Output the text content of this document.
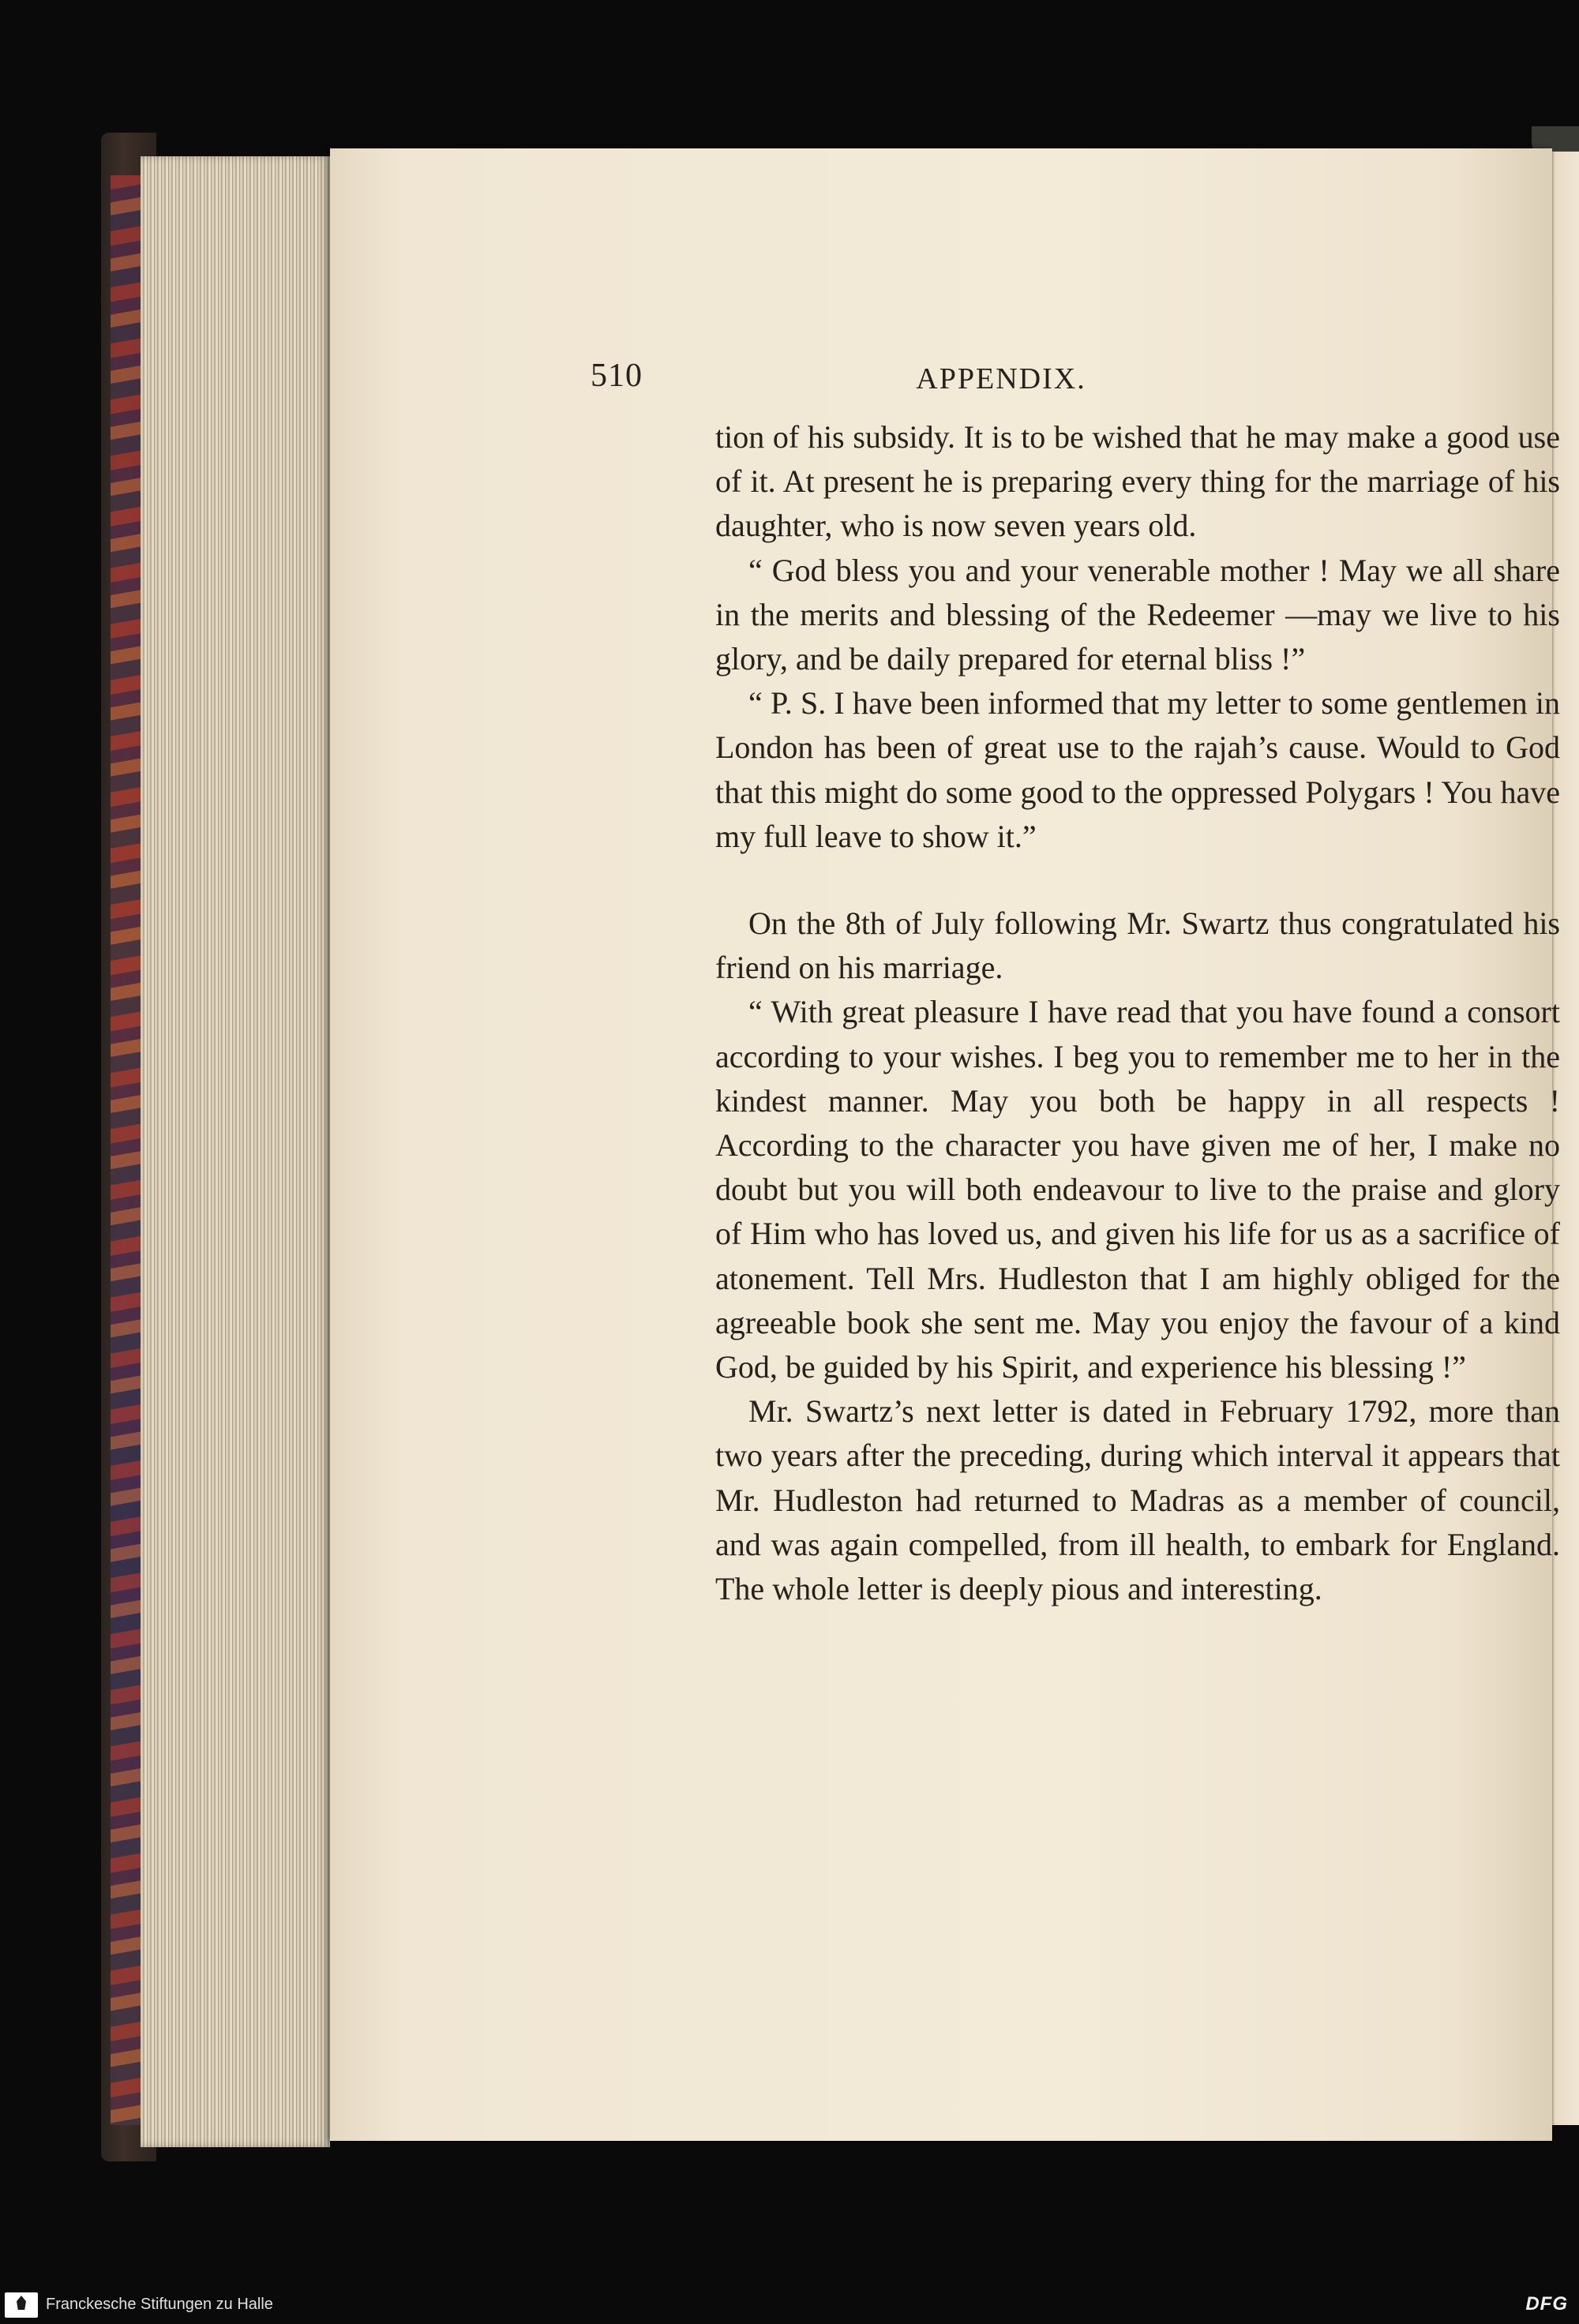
510	APPENDIX.

tion of his subsidy. It is to be wished that he may make a good use of it. At present he is preparing every thing for the marriage of his daughter, who is now seven years old.

“ God bless you and your venerable mother ! May we all share in the merits and blessing of the Redeemer —may we live to his glory, and be daily prepared for eternal bliss !”

“ P. S. I have been informed that my letter to some gentlemen in London has been of great use to the rajah’s cause. Would to God that this might do some good to the oppressed Polygars ! You have my full leave to show it.”

On the 8th of July following Mr. Swartz thus congratulated his friend on his marriage.

“ With great pleasure I have read that you have found a consort according to your wishes. I beg you to remember me to her in the kindest manner. May you both be happy in all respects ! According to the character you have given me of her, I make no doubt but you will both endeavour to live to the praise and glory of Him who has loved us, and given his life for us as a sacrifice of atonement. Tell Mrs. Hudleston that I am highly obliged for the agreeable book she sent me. May you enjoy the favour of a kind God, be guided by his Spirit, and experience his blessing !”

Mr. Swartz’s next letter is dated in February 1792, more than two years after the preceding, during which interval it appears that Mr. Hudleston had returned to Madras as a member of council, and was again compelled, from ill health, to embark for England. The whole letter is deeply pious and interesting.

Franckesche Stiftungen zu Halle	DFG
